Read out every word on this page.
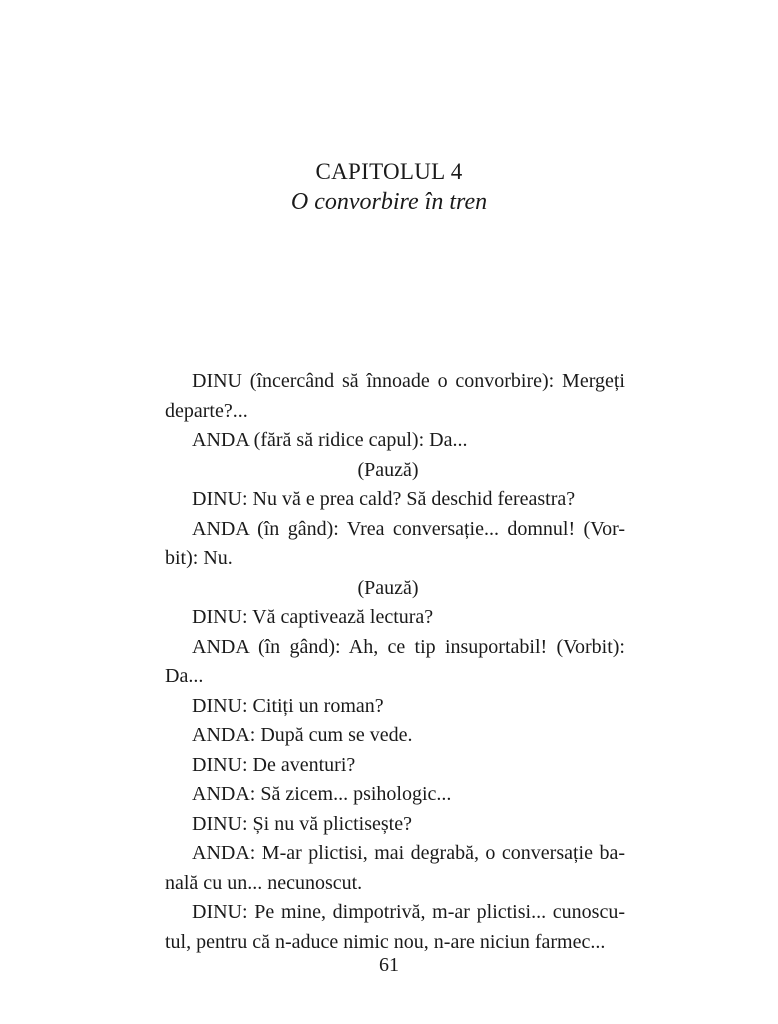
CAPITOLUL 4
O convorbire în tren

DINU (încercând să înnoade o convorbire): Mergeți
departe?...

ANDA (fără să ridice capul): Da...

(Pauză)

DINU: Nu vă e prea cald? Să deschid fereastra?

ANDA (în gând): Vrea conversație... domnul! (Vor-
bit): Nu.

(Pauză)

DINU: Vă captivează lectura?

ANDA (în gând): Ah, ce tip insuportabil! (Vorbit):
Da...

DINU: Citiți un roman?

ANDA: După cum se vede.

DINU: De aventuri?

ANDA: Să zicem... psihologic...

DINU: Și nu vă plictisește?

ANDA: M-ar plictisi, mai degrabă, o conversație ba-
nală cu un... necunoscut.

DINU: Pe mine, dimpotrivă, m-ar plictisi... cunoscu-
tul, pentru că n-aduce nimic nou, n-are niciun farmec...

61
